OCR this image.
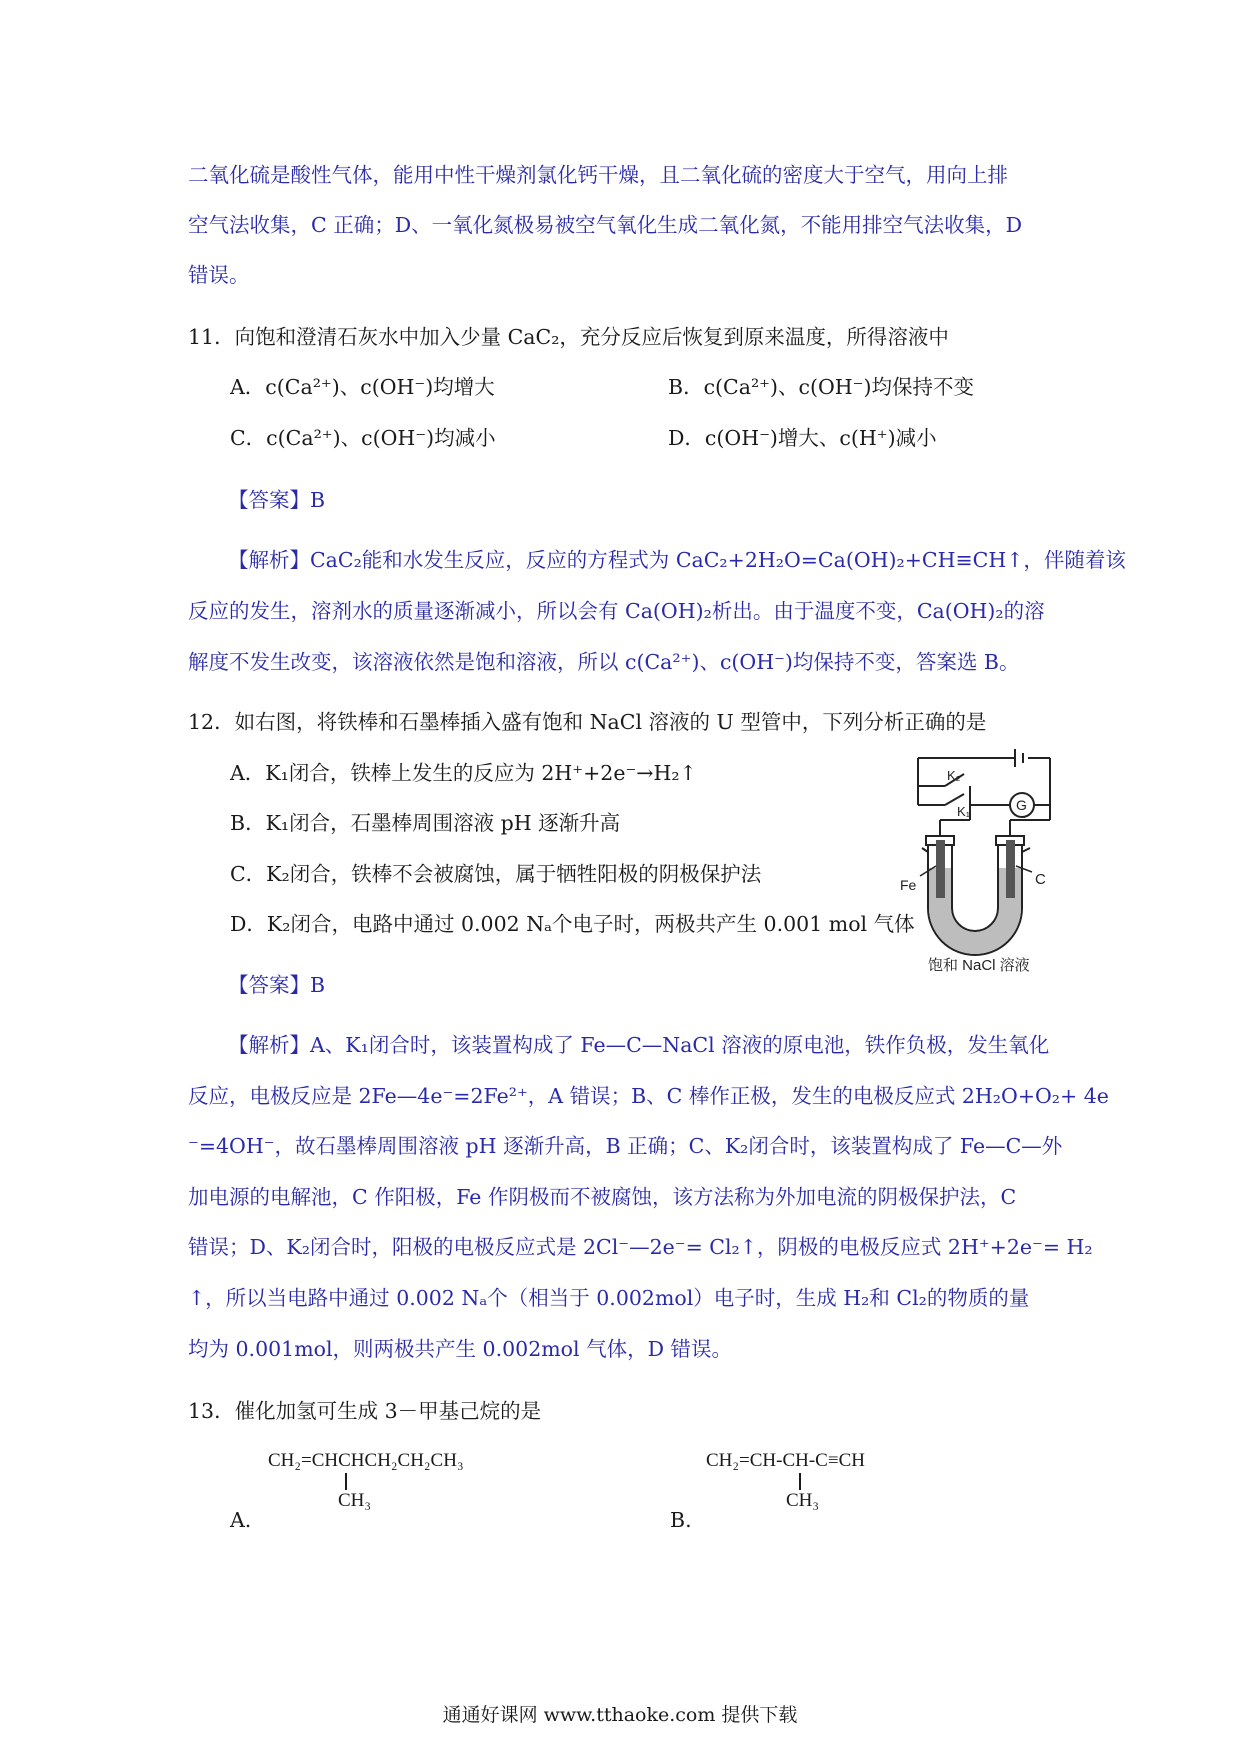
二氧化硫是酸性气体，能用中性干燥剂氯化钙干燥，且二氧化硫的密度大于空气，用向上排
空气法收集，C 正确；D、一氧化氮极易被空气氧化生成二氧化氮，不能用排空气法收集，D
错误。
11．向饱和澄清石灰水中加入少量 CaC₂，充分反应后恢复到原来温度，所得溶液中
A．c(Ca²⁺)、c(OH⁻)均增大	B．c(Ca²⁺)、c(OH⁻)均保持不变
C．c(Ca²⁺)、c(OH⁻)均减小	D．c(OH⁻)增大、c(H⁺)减小
【答案】B
【解析】CaC₂能和水发生反应，反应的方程式为 CaC₂+2H₂O=Ca(OH)₂+CH≡CH↑，伴随着该
反应的发生，溶剂水的质量逐渐减小，所以会有 Ca(OH)₂析出。由于温度不变，Ca(OH)₂的溶
解度不发生改变，该溶液依然是饱和溶液，所以 c(Ca²⁺)、c(OH⁻)均保持不变，答案选 B。
12．如右图，将铁棒和石墨棒插入盛有饱和 NaCl 溶液的 U 型管中，下列分析正确的是
A．K₁闭合，铁棒上发生的反应为 2H⁺+2e⁻→H₂↑
B．K₁闭合，石墨棒周围溶液 pH 逐渐升高
C．K₂闭合，铁棒不会被腐蚀，属于牺牲阳极的阴极保护法
D．K₂闭合，电路中通过 0.002 Nₐ个电子时，两极共产生 0.001 mol 气体
K₂
K₁	G
Fe	C
饱和 NaCl 溶液
【答案】B
【解析】A、K₁闭合时，该装置构成了 Fe—C—NaCl 溶液的原电池，铁作负极，发生氧化
反应，电极反应是 2Fe—4e⁻=2Fe²⁺，A 错误；B、C 棒作正极，发生的电极反应式 2H₂O+O₂+ 4e
⁻=4OH⁻，故石墨棒周围溶液 pH 逐渐升高，B 正确；C、K₂闭合时，该装置构成了 Fe—C—外
加电源的电解池，C 作阳极，Fe 作阴极而不被腐蚀，该方法称为外加电流的阴极保护法，C
错误；D、K₂闭合时，阳极的电极反应式是 2Cl⁻—2e⁻= Cl₂↑，阴极的电极反应式 2H⁺+2e⁻= H₂
↑，所以当电路中通过 0.002 Nₐ个（相当于 0.002mol）电子时，生成 H₂和 Cl₂的物质的量
均为 0.001mol，则两极共产生 0.002mol 气体，D 错误。
13．催化加氢可生成 3－甲基己烷的是
CH₂=CHCHCH₂CH₂CH₃
CH₃
A.
CH₂=CH-CH-C≡CH
CH₃
B.
通通好课网 www.tthaoke.com 提供下载
